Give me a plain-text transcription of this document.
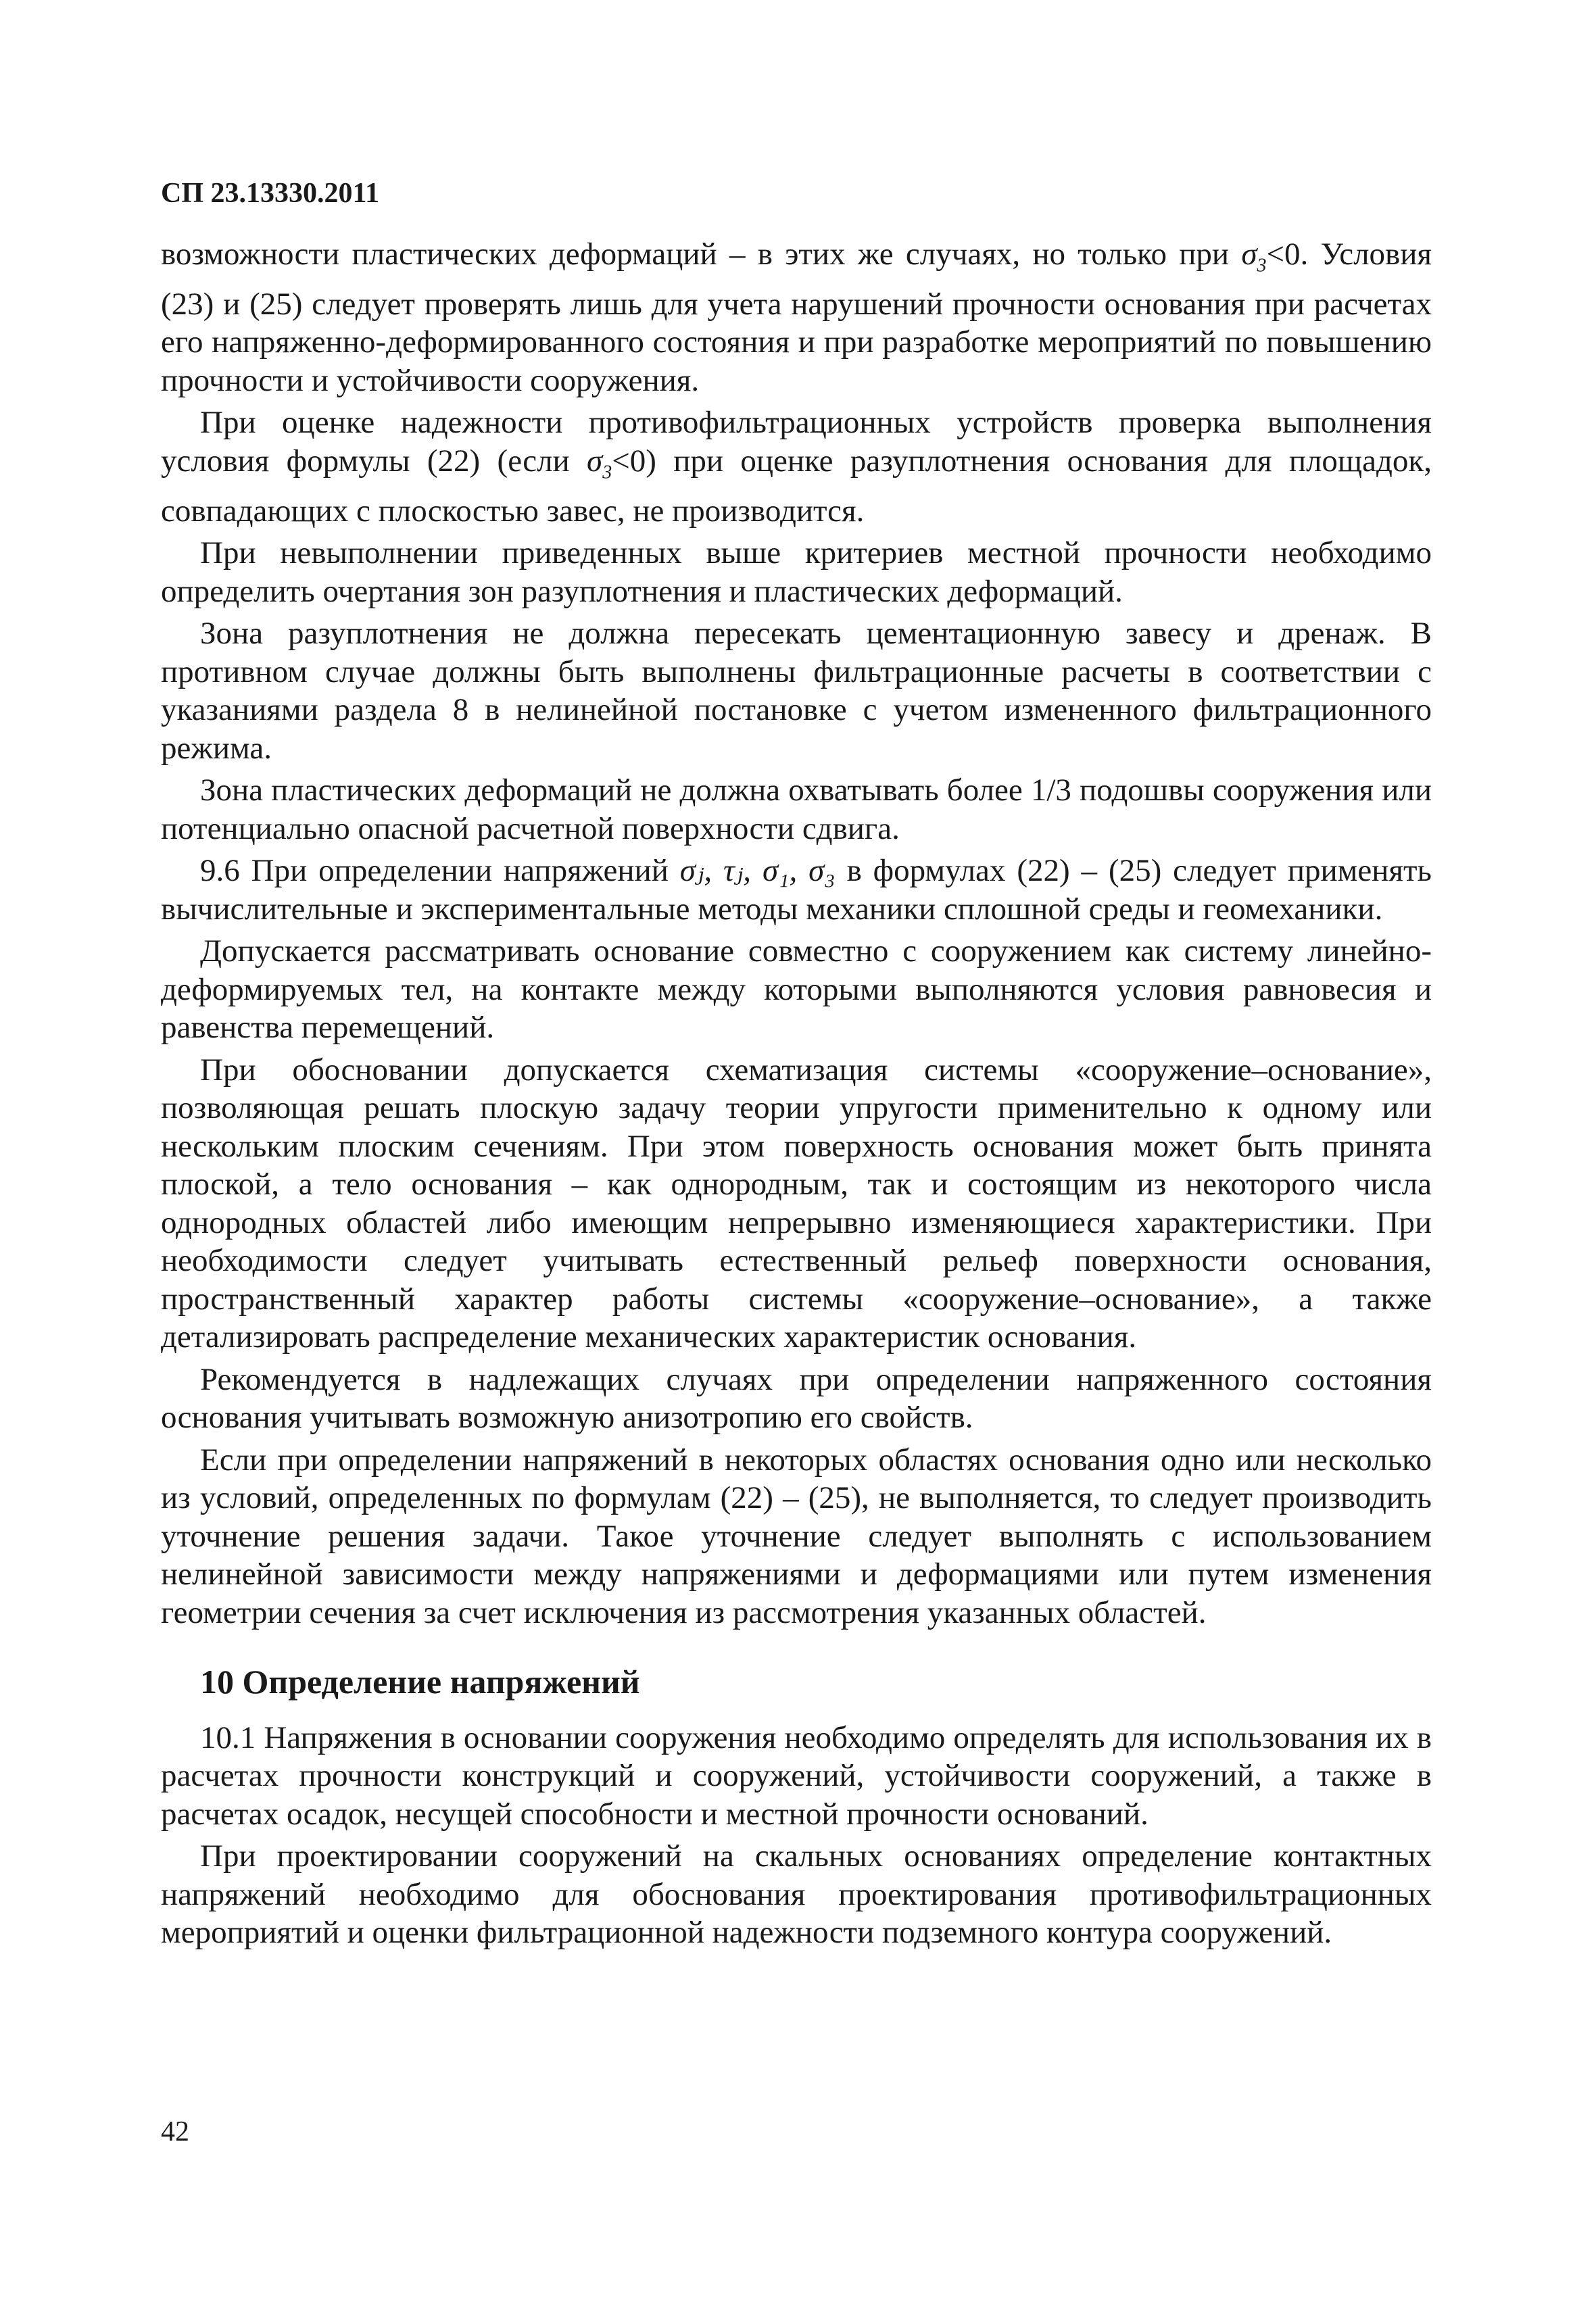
СП 23.13330.2011

возможности пластических деформаций – в этих же случаях, но только при $\sigma_3<0$. Условия (23) и (25) следует проверять лишь для учета нарушений прочности основания при расчетах его напряженно-деформированного состояния и при разработке мероприятий по повышению прочности и устойчивости сооружения.

При оценке надежности противофильтрационных устройств проверка выполнения условия формулы (22) (если $\sigma_3<0$) при оценке разуплотнения основания для площадок, совпадающих с плоскостью завес, не производится.

При невыполнении приведенных выше критериев местной прочности необходимо определить очертания зон разуплотнения и пластических деформаций.

Зона разуплотнения не должна пересекать цементационную завесу и дренаж. В противном случае должны быть выполнены фильтрационные расчеты в соответствии с указаниями раздела 8 в нелинейной постановке с учетом измененного фильтрационного режима.

Зона пластических деформаций не должна охватывать более 1/3 подошвы сооружения или потенциально опасной расчетной поверхности сдвига.

9.6 При определении напряжений σⱼ, τⱼ, σ₁, σ₃ в формулах (22) – (25) следует применять вычислительные и экспериментальные методы механики сплошной среды и геомеханики.

Допускается рассматривать основание совместно с сооружением как систему линейно-деформируемых тел, на контакте между которыми выполняются условия равновесия и равенства перемещений.

При обосновании допускается схематизация системы «сооружение–основание», позволяющая решать плоскую задачу теории упругости применительно к одному или нескольким плоским сечениям. При этом поверхность основания может быть принята плоской, а тело основания – как однородным, так и состоящим из некоторого числа однородных областей либо имеющим непрерывно изменяющиеся характеристики. При необходимости следует учитывать естественный рельеф поверхности основания, пространственный характер работы системы «сооружение–основание», а также детализировать распределение механических характеристик основания.

Рекомендуется в надлежащих случаях при определении напряженного состояния основания учитывать возможную анизотропию его свойств.

Если при определении напряжений в некоторых областях основания одно или несколько из условий, определенных по формулам (22) – (25), не выполняется, то следует производить уточнение решения задачи. Такое уточнение следует выполнять с использованием нелинейной зависимости между напряжениями и деформациями или путем изменения геометрии сечения за счет исключения из рассмотрения указанных областей.

10 Определение напряжений

10.1 Напряжения в основании сооружения необходимо определять для использования их в расчетах прочности конструкций и сооружений, устойчивости сооружений, а также в расчетах осадок, несущей способности и местной прочности оснований.

При проектировании сооружений на скальных основаниях определение контактных напряжений необходимо для обоснования проектирования противофильтрационных мероприятий и оценки фильтрационной надежности подземного контура сооружений.

42
